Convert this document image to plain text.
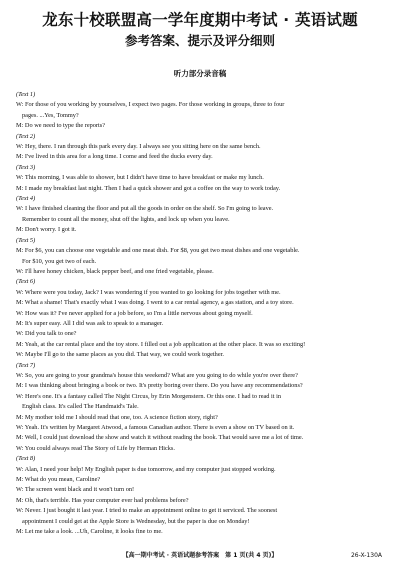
龙东十校联盟高一学年度期中考试 · 英语试题
参考答案、提示及评分细则
听力部分录音稿
(Text 1)
W: For those of you working by yourselves, I expect two pages. For those working in groups, three to four
pages. ...Yes, Tommy?
M: Do we need to type the reports?
(Text 2)
W: Hey, there. I ran through this park every day. I always see you sitting here on the same bench.
M: I've lived in this area for a long time. I come and feed the ducks every day.
(Text 3)
W: This morning, I was able to shower, but I didn't have time to have breakfast or make my lunch.
M: I made my breakfast last night. Then I had a quick shower and got a coffee on the way to work today.
(Text 4)
W: I have finished cleaning the floor and put all the goods in order on the shelf. So I'm going to leave.
Remember to count all the money, shut off the lights, and lock up when you leave.
M: Don't worry. I got it.
(Text 5)
M: For $6, you can choose one vegetable and one meat dish. For $8, you get two meat dishes and one vegetable.
For $10, you get two of each.
W: I'll have honey chicken, black pepper beef, and one fried vegetable, please.
(Text 6)
W: Where were you today, Jack? I was wondering if you wanted to go looking for jobs together with me.
M: What a shame! That's exactly what I was doing. I went to a car rental agency, a gas station, and a toy store.
W: How was it? I've never applied for a job before, so I'm a little nervous about going myself.
M: It's super easy. All I did was ask to speak to a manager.
W: Did you talk to one?
M: Yeah, at the car rental place and the toy store. I filled out a job application at the other place. It was so exciting!
W: Maybe I'll go to the same places as you did. That way, we could work together.
(Text 7)
W: So, you are going to your grandma's house this weekend? What are you going to do while you're over there?
M: I was thinking about bringing a book or two. It's pretty boring over there. Do you have any recommendations?
W: Here's one. It's a fantasy called The Night Circus, by Erin Morgenstern. Or this one. I had to read it in
English class. It's called The Handmaid's Tale.
M: My mother told me I should read that one, too. A science fiction story, right?
W: Yeah. It's written by Margaret Atwood, a famous Canadian author. There is even a show on TV based on it.
M: Well, I could just download the show and watch it without reading the book. That would save me a lot of time.
W: You could always read The Story of Life by Herman Hicks.
(Text 8)
W: Alan, I need your help! My English paper is due tomorrow, and my computer just stopped working.
M: What do you mean, Caroline?
W: The screen went black and it won't turn on!
M: Oh, that's terrible. Has your computer ever had problems before?
W: Never. I just bought it last year. I tried to make an appointment online to get it serviced. The soonest
appointment I could get at the Apple Store is Wednesday, but the paper is due on Monday!
M: Let me take a look. ...Uh, Caroline, it looks fine to me.
【高一期中考试 · 英语试题参考答案　第 1 页(共 4 页)】	26-X-130A
